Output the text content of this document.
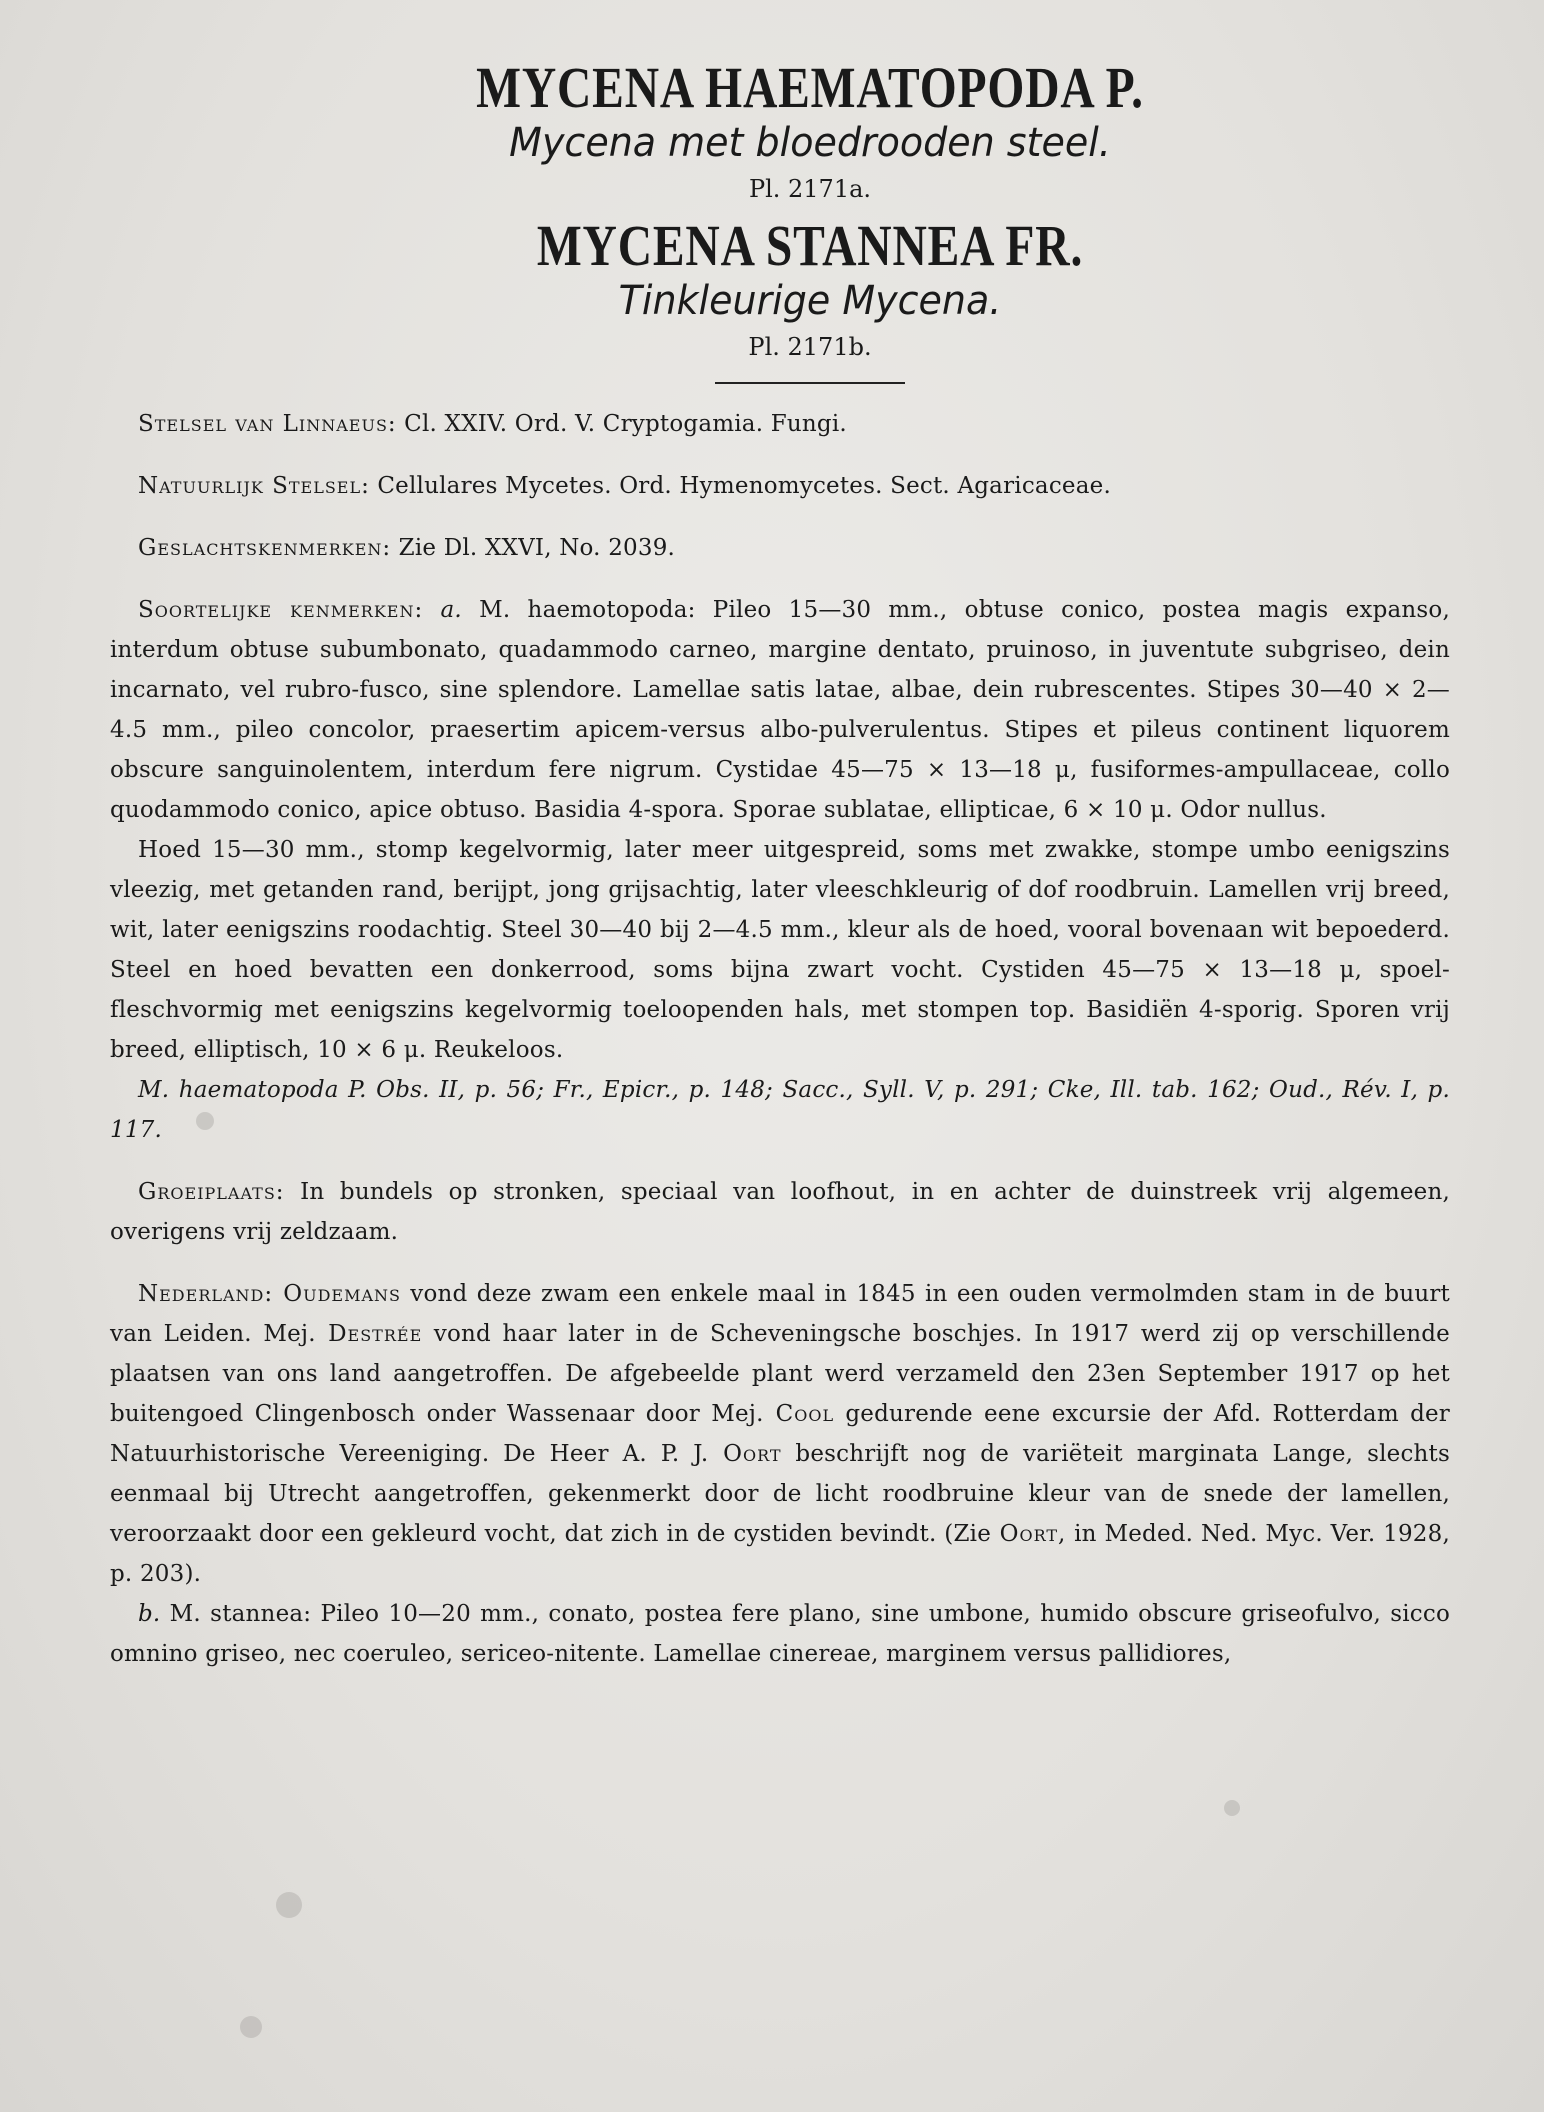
MYCENA HAEMATOPODA P.
Mycena met bloedrooden steel.
Pl. 2171a.
MYCENA STANNEA FR.
Tinkleurige Mycena.
Pl. 2171b.

Stelsel van Linnaeus: Cl. XXIV. Ord. V. Cryptogamia. Fungi.

Natuurlijk Stelsel: Cellulares Mycetes. Ord. Hymenomycetes. Sect. Agaricaceae.

Geslachtskenmerken: Zie Dl. XXVI, No. 2039.

Soortelijke kenmerken: a. M. haemotopoda: Pileo 15—30 mm., obtuse conico, postea magis expanso, interdum obtuse subumbonato, quadammodo carneo, margine dentato, pruinoso, in juventute subgriseo, dein incarnato, vel rubro-fusco, sine splendore. Lamellae satis latae, albae, dein rubrescentes. Stipes 30—40 × 2—4.5 mm., pileo concolor, praesertim apicem-versus albo-pulverulentus. Stipes et pileus continent liquorem obscure sanguinolentem, interdum fere nigrum. Cystidae 45—75 × 13—18 μ, fusiformes-ampullaceae, collo quodammodo conico, apice obtuso. Basidia 4-spora. Sporae sublatae, ellipticae, 6 × 10 μ. Odor nullus.

Hoed 15—30 mm., stomp kegelvormig, later meer uitgespreid, soms met zwakke, stompe umbo eenigszins vleezig, met getanden rand, berijpt, jong grijsachtig, later vleeschkleurig of dof roodbruin. Lamellen vrij breed, wit, later eenigszins roodachtig. Steel 30—40 bij 2—4.5 mm., kleur als de hoed, vooral bovenaan wit bepoederd. Steel en hoed bevatten een donkerrood, soms bijna zwart vocht. Cystiden 45—75 × 13—18 μ, spoel-fleschvormig met eenigszins kegelvormig toeloopenden hals, met stompen top. Basidiën 4-sporig. Sporen vrij breed, elliptisch, 10 × 6 μ. Reukeloos.

M. haematopoda P. Obs. II, p. 56; Fr., Epicr., p. 148; Sacc., Syll. V, p. 291; Cke, Ill. tab. 162; Oud., Rév. I, p. 117.

Groeiplaats: In bundels op stronken, speciaal van loofhout, in en achter de duinstreek vrij algemeen, overigens vrij zeldzaam.

Nederland: Oudemans vond deze zwam een enkele maal in 1845 in een ouden vermolmden stam in de buurt van Leiden. Mej. Destrée vond haar later in de Scheveningsche boschjes. In 1917 werd zij op verschillende plaatsen van ons land aangetroffen. De afgebeelde plant werd verzameld den 23en September 1917 op het buitengoed Clingenbosch onder Wassenaar door Mej. Cool gedurende eene excursie der Afd. Rotterdam der Natuurhistorische Vereeniging. De Heer A. P. J. Oort beschrijft nog de variëteit marginata Lange, slechts eenmaal bij Utrecht aangetroffen, gekenmerkt door de licht roodbruine kleur van de snede der lamellen, veroorzaakt door een gekleurd vocht, dat zich in de cystiden bevindt. (Zie Oort, in Meded. Ned. Myc. Ver. 1928, p. 203).

b. M. stannea: Pileo 10—20 mm., conato, postea fere plano, sine umbone, humido obscure griseofulvo, sicco omnino griseo, nec coeruleo, sericeo-nitente. Lamellae cinereae, marginem versus pallidiores,
